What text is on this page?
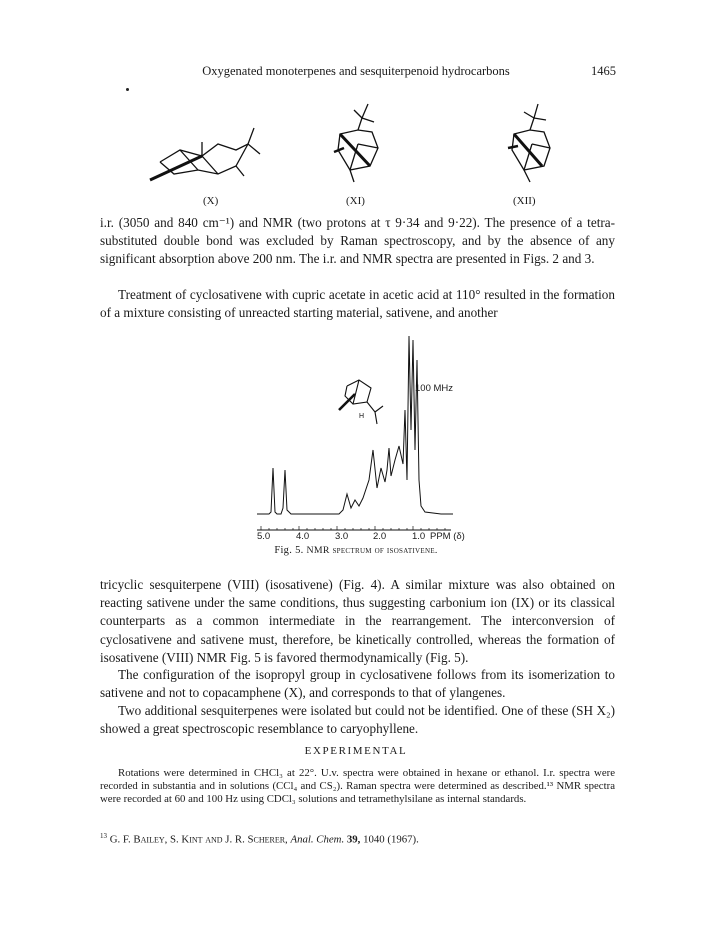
Oxygenated monoterpenes and sesquiterpenoid hydrocarbons	1465
(X)	(XI)	(XII)

i.r. (3050 and 840 cm⁻¹) and NMR (two protons at τ 9·34 and 9·22). The presence of a tetra-substituted double bond was excluded by Raman spectroscopy, and by the absence of any significant absorption above 200 nm. The i.r. and NMR spectra are presented in Figs. 2 and 3.

Treatment of cyclosativene with cupric acetate in acetic acid at 110° resulted in the formation of a mixture consisting of unreacted starting material, sativene, and another

H
100 MHz
5.0	4.0	3.0	2.0	1.0 PPM (δ)
Fig. 5. NMR spectrum of isosativene.

tricyclic sesquiterpene (VIII) (isosativene) (Fig. 4). A similar mixture was also obtained on reacting sativene under the same conditions, thus suggesting carbonium ion (IX) or its classical counterparts as a common intermediate in the rearrangement. The interconversion of cyclosativene and sativene must, therefore, be kinetically controlled, whereas the formation of isosativene (VIII) NMR Fig. 5 is favored thermodynamically (Fig. 5).

The configuration of the isopropyl group in cyclosativene follows from its isomerization to sativene and not to copacamphene (X), and corresponds to that of ylangenes.

Two additional sesquiterpenes were isolated but could not be identified. One of these (SH X₂) showed a great spectroscopic resemblance to caryophyllene.

EXPERIMENTAL

Rotations were determined in CHCl₃ at 22°. U.v. spectra were obtained in hexane or ethanol. I.r. spectra were recorded in substantia and in solutions (CCl₄ and CS₂). Raman spectra were determined as described.¹³ NMR spectra were recorded at 60 and 100 Hz using CDCl₃ solutions and tetramethylsilane as internal standards.

$^{13}$ G. F. Bailey, S. Kint and J. R. Scherer, Anal. Chem. 39, 1040 (1967).
